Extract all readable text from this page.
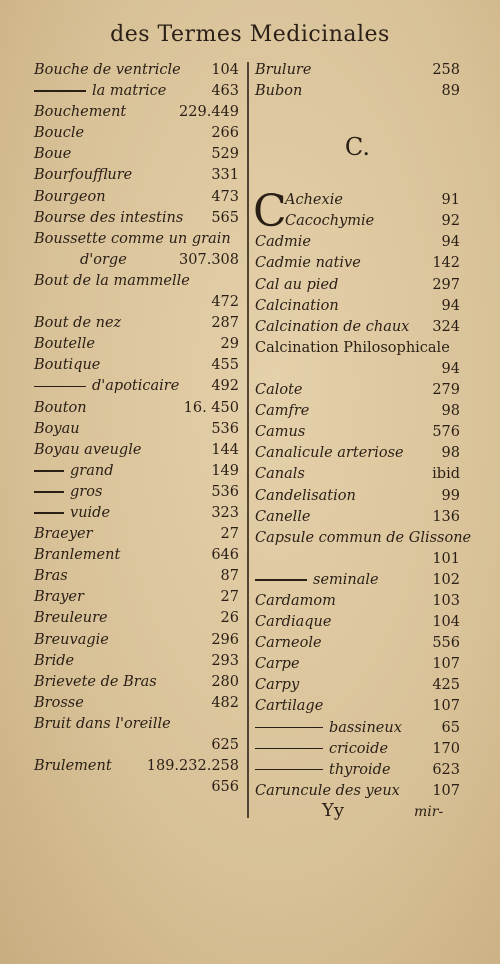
des Termes Medicinales
Bouche de ventricle 104
la matrice	463
Bouchement	229.449
Boucle	266
Boue	529
Bourfoufflure	331
Bourgeon	473
Bourse des intestins 565
Boussette comme un grain
d'orge	307.308
Bout de la mammelle
472
Bout de nez	287
Boutelle	29
Boutique	455
d'apoticaire 492
Bouton	16. 450
Boyau	536
Boyau aveugle	144
grand	149
gros	536
vuide	323
Braeyer	27
Branlement	646
Bras	87
Brayer	27
Breuleure	26
Breuvagie	296
Bride	293
Brievete de Bras	280
Brosse	482
Bruit dans l'oreille
625
Brulement 189.232.258
656
Brulure	258
Bubon	89
C.
C
Achexie	91
Cacochymie	92
Cadmie	94
Cadmie native	142
Cal au pied	297
Calcination	94
Calcination de chaux 324
Calcination Philosophicale
94
Calote	279
Camfre	98
Camus	576
Canalicule arteriose	98
Canals	ibid
Candelisation	99
Canelle	136
Capsule commun de Glissone
101
seminale	102
Cardamom	103
Cardiaque	104
Carneole	556
Carpe	107
Carpy	425
Cartilage	107
bassineux	65
cricoide	170
thyroide	623
Caruncule des yeux 107
Yy	mir-
